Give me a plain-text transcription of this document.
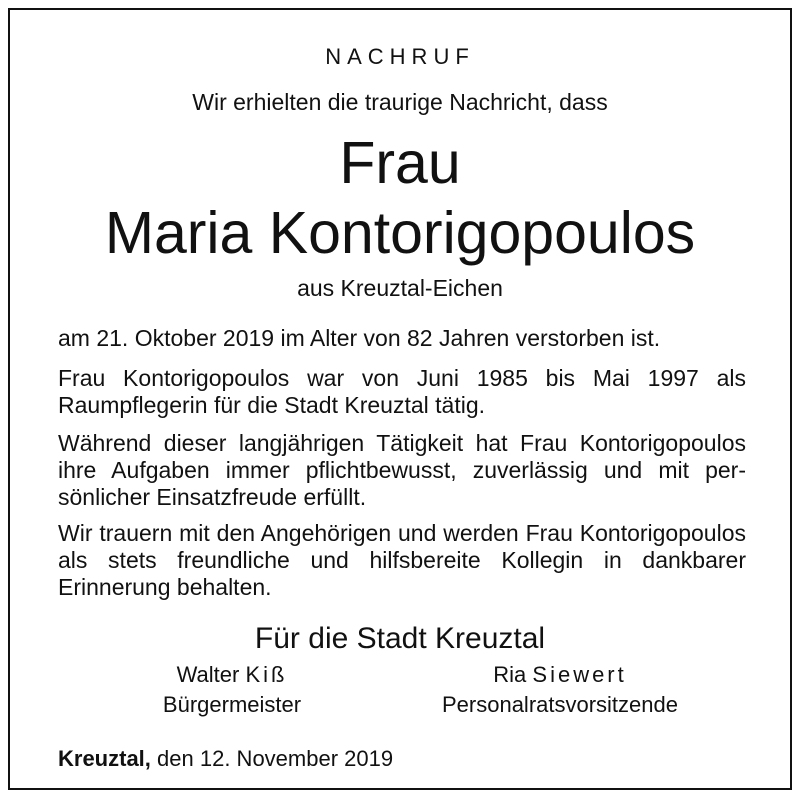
NACHRUF
Wir erhielten die traurige Nachricht, dass
Frau
Maria Kontorigopoulos
aus Kreuztal-Eichen
am 21. Oktober 2019 im Alter von 82 Jahren verstorben ist.
Frau Kontorigopoulos war von Juni 1985 bis Mai 1997 als Raumpflegerin für die Stadt Kreuztal tätig.
Während dieser langjährigen Tätigkeit hat Frau Kontorigopoulos ihre Aufgaben immer pflichtbewusst, zuverlässig und mit persönlicher Einsatzfreude erfüllt.
Wir trauern mit den Angehörigen und werden Frau Kontorigopoulos als stets freundliche und hilfsbereite Kollegin in dankbarer Erinnerung behalten.
Für die Stadt Kreuztal
Walter Kiß
Bürgermeister
Ria Siewert
Personalratsvorsitzende
Kreuztal, den 12. November 2019
